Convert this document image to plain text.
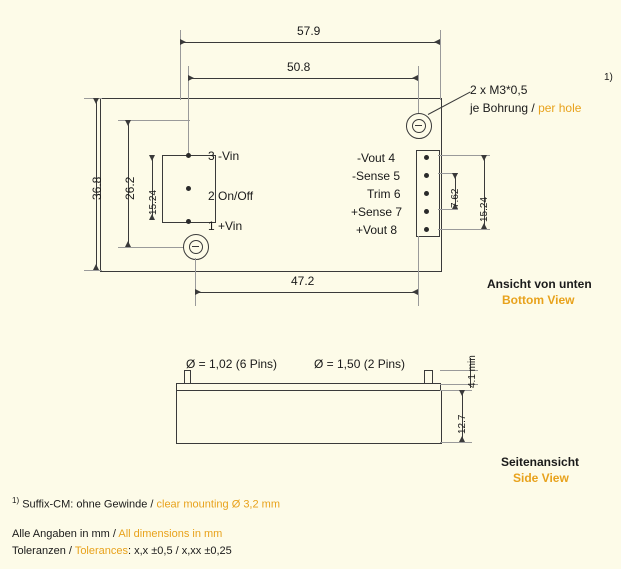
57.9
50.8
36.8 26.2
15.24
3 -Vin
2 On/Off
1 +Vin
-Vout 4
-Sense 5
Trim 6
+Sense 7
+Vout 8
2 x M3*0,5
je Bohrung / per hole
1)
7.62 15.24
47.2	Ansicht von unten
Bottom View
Ø = 1,02 (6 Pins)	Ø = 1,50 (2 Pins)	4.1 min
12.7
Seitenansicht
Side View
$^{1)}$ Suffix-CM: ohne Gewinde / clear mounting Ø 3,2 mm
Alle Angaben in mm / All dimensions in mm
Toleranzen / Tolerances: x,x ±0,5 / x,xx ±0,25
